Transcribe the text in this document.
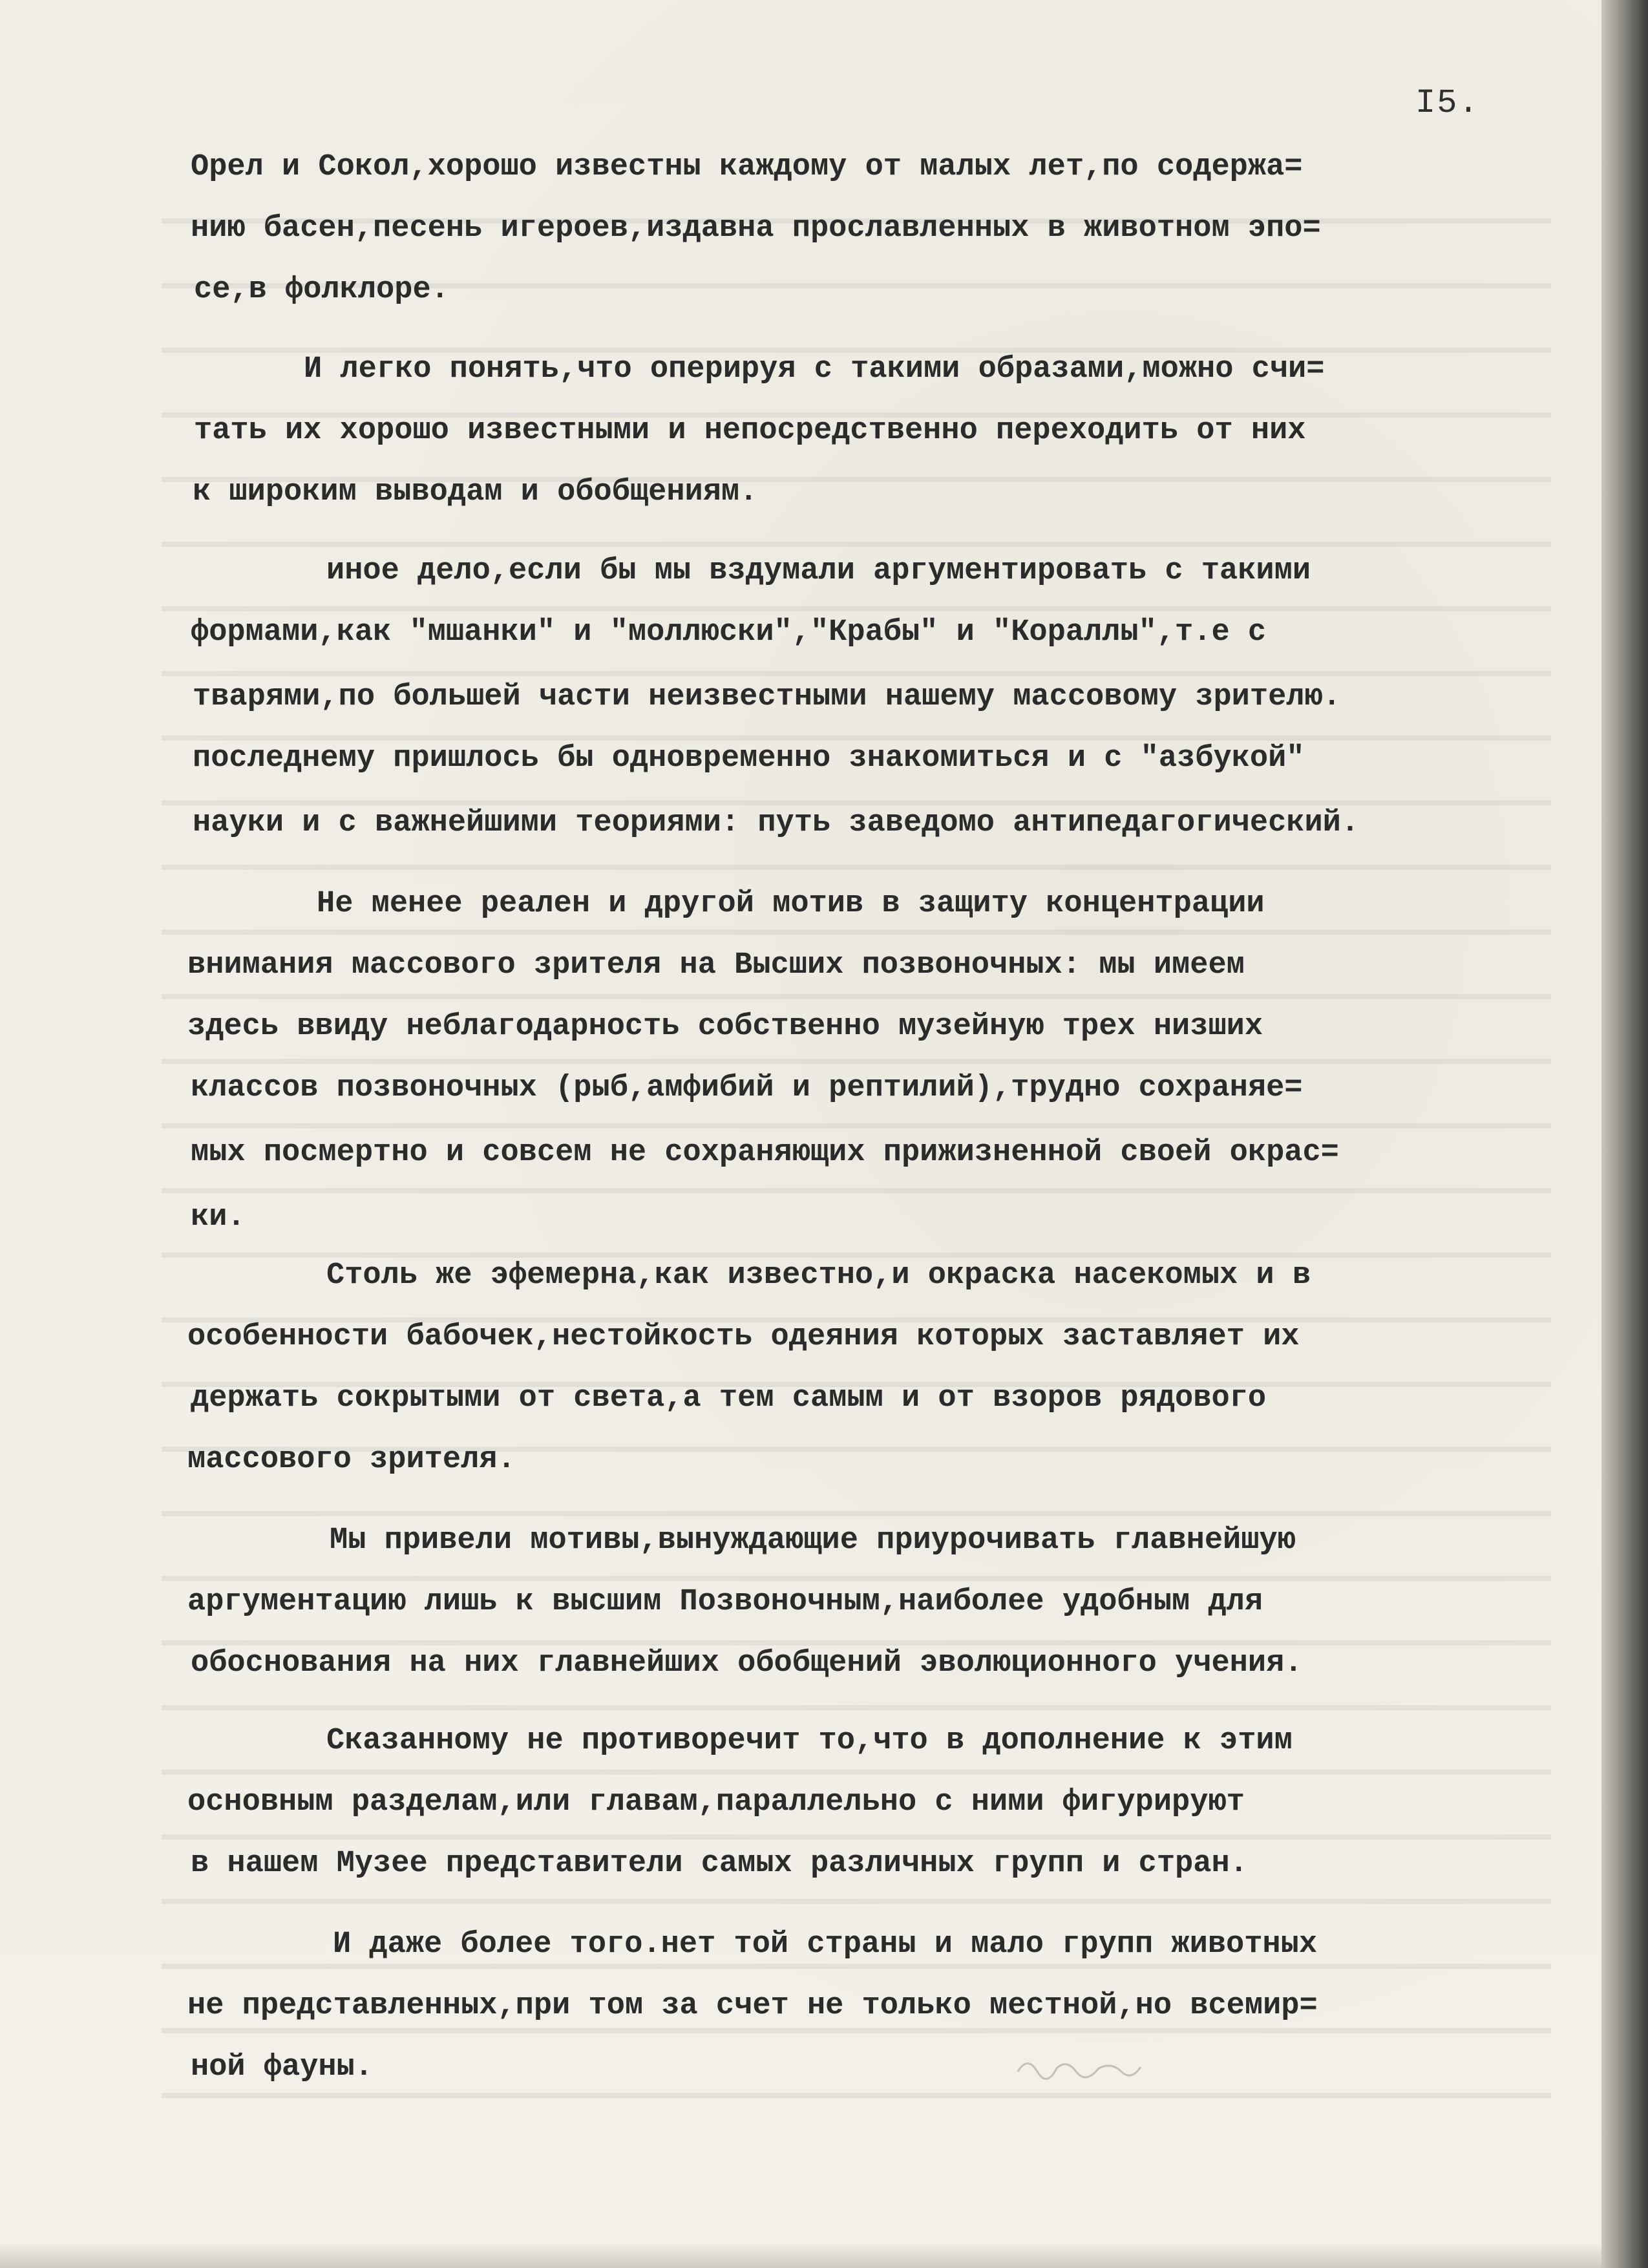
I5.
Орел и Сокол,хорошо известны каждому от малых лет,по содержа=
нию басен,песень игероев,издавна прославленных в животном эпо=
се,в фолклоре.
И легко понять,что оперируя с такими образами,можно счи=
тать их хорошо известными и непосредственно переходить от них
к широким выводам и обобщениям.
иное дело,если бы мы вздумали аргументировать с такими
формами,как "мшанки" и "моллюски","Крабы" и "Кораллы",т.е с
тварями,по большей части неизвестными нашему массовому зрителю.
последнему пришлось бы одновременно знакомиться и с "азбукой"
науки и с важнейшими теориями: путь заведомо антипедагогический.
Не менее реален и другой мотив в защиту концентрации
внимания массового зрителя на Высших позвоночных: мы имеем
здесь ввиду неблагодарность собственно музейную трех низших
классов позвоночных (рыб,амфибий и рептилий),трудно сохраняе=
мых посмертно и совсем не сохраняющих прижизненной своей окрас=
ки.
Столь же эфемерна,как известно,и окраска насекомых и в
особенности бабочек,нестойкость одеяния которых заставляет их
держать сокрытыми от света,а тем самым и от взоров рядового
массового зрителя.
Мы привели мотивы,вынуждающие приурочивать главнейшую
аргументацию лишь к высшим Позвоночным,наиболее удобным для
обоснования на них главнейших обобщений эволюционного учения.
Сказанному не противоречит то,что в дополнение к этим
основным разделам,или главам,параллельно с ними фигурируют
в нашем Музее представители самых различных групп и стран.
И даже более того.нет той страны и мало групп животных
не представленных,при том за счет не только местной,но всемир=
ной фауны.
